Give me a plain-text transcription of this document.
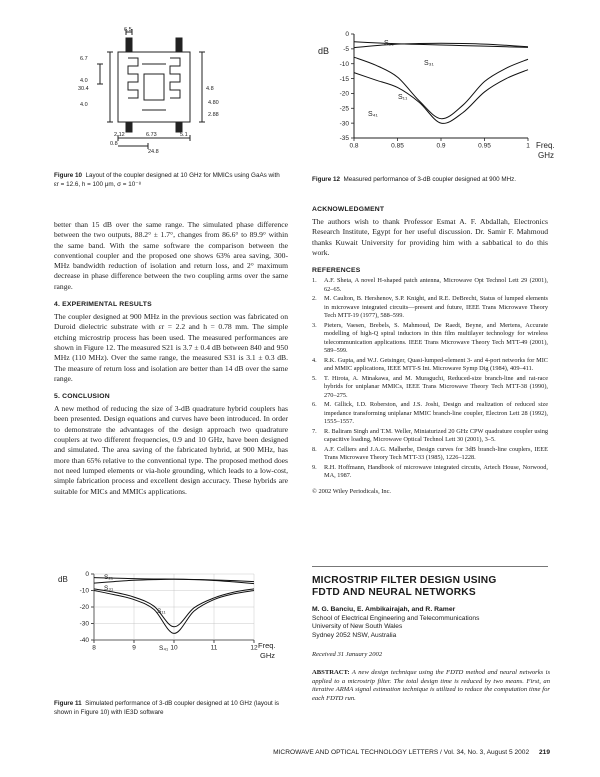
6.5
6.7
4.0
30.4
4.0
4.8
2.12	6.73	5.1
0.8
24.8
4.80
2.88

Figure 10 Layout of the coupler designed at 10 GHz for MMICs using GaAs with εr = 12.6, h = 100 μm, σ = 10⁻⁸

dB
0
-5
-10
-15
-20
-25
-30
-35
0.8	0.85	0.9	0.95	1 Freq.
GHz
S₂₁
S₃₁
S₁₁
S₄₁

Figure 12 Measured performance of 3-dB coupler designed at 900 MHz.

better than 15 dB over the same range. The simulated phase difference between the two outputs, 88.2° ± 1.7°, changes from 86.6° to 89.9° within the same band. With the same software the comparison between the conventional coupler and the proposed one shows 63% area saving, 300-MHz bandwidth reduction of isolation and return loss, and 2° maximum decrease in phase difference between the two coupling arms over the same range.

4. EXPERIMENTAL RESULTS

The coupler designed at 900 MHz in the previous section was fabricated on Duroid dielectric substrate with εr = 2.2 and h = 0.78 mm. The simple etching microstrip process has been used. The measured performances are shown in Figure 12. The measured S21 is 3.7 ± 0.4 dB between 840 and 950 MHz (110 MHz). Over the same range, the measured S31 is 3.1 ± 0.3 dB. The measure of return loss and isolation are better than 14 dB over the same range.

5. CONCLUSION

A new method of reducing the size of 3-dB quadrature hybrid couplers has been presented. Design equations and curves have been introduced. In order to demonstrate the advantages of the design approach two quadrature couplers at two different frequencies, 0.9 and 10 GHz, have been designed and simulated. The area saving of the fabricated hybrid, at 900 MHz, has more than 65% relative to the conventional type. The proposed method does not need lumped elements or via-hole grounding, which leads to a low-cost, simple fabrication process and excellent design accuracy. These hybrids are suitable for MICs and MMICs applications.

dB
0
-10
-20
-30
-40
8	9	10	11	12 Freq.
GHz
S₂₁
S₃₁
S₁₁
S₄₁

Figure 11 Simulated performance of 3-dB coupler designed at 10 GHz (layout is shown in Figure 10) with IE3D software

ACKNOWLEDGMENT

The authors wish to thank Professor Esmat A. F. Abdallah, Electronics Research Institute, Egypt for her useful discussion. Dr. Samir F. Mahmoud thanks Kuwait University for providing him with a sabbatical to do this work.

REFERENCES

1. A.F. Sheta, A novel H-shaped patch antenna, Microwave Opt Technol Lett 29 (2001), 62–65.
2. M. Caulton, B. Hershenov, S.P. Knight, and R.E. DeBrecht, Status of lumped elements in microwave integrated circuits—present and future, IEEE Trans Microwave Theory Tech MTT-19 (1977), 588–599.
3. Pieters, Vaesen, Brebels, S. Mahmoud, De Raedt, Beyne, and Mertens, Accurate modelling of high-Q spiral inductors in thin film multilayer technology for wireless telecommunication applications. IEEE Trans Microwave Theory Tech MTT-49 (2001), 589–599.
4. R.K. Gupta, and W.J. Getsinger, Quasi-lumped-element 3- and 4-port networks for MIC and MMIC applications, IEEE MTT-S Int. Microwave Symp Dig (1984), 409–411.
5. T. Hirota, A. Minakawa, and M. Muraguchi, Reduced-size branch-line and rat-race hybrids for uniplanar MMICs, IEEE Trans Microwave Theory Tech MTT-38 (1990), 270–275.
6. M. Gillick, I.D. Roberston, and J.S. Joshi, Design and realization of reduced size impedance transforming uniplanar MMIC branch-line coupler, Electron Lett 28 (1992), 1555–1557.
7. R. Baliram Singh and T.M. Weller, Miniaturized 20 GHz CPW quadrature coupler using capacitive loading, Microwave Optical Technol Lett 30 (2001), 3–5.
8. A.F. Celliers and J.A.G. Malherbe, Design curves for 3dB branch-line couplers, IEEE Trans Microwave Theory Tech MTT-33 (1985), 1226–1228.
9. R.H. Hoffmann, Handbook of microwave integrated circuits, Artech House, Norwood, MA, 1987.

© 2002 Wiley Periodicals, Inc.

MICROSTRIP FILTER DESIGN USING
FDTD AND NEURAL NETWORKS
M. G. Banciu, E. Ambikairajah, and R. Ramer
School of Electrical Engineering and Telecommunications
University of New South Wales
Sydney 2052 NSW, Australia
Received 31 January 2002

ABSTRACT: A new design technique using the FDTD method and neural networks is applied to a microstrip filter. The total design time is reduced by two means. First, an iterative ARMA signal estimation technique is utilized to reduce the computation time for each FDTD run.

MICROWAVE AND OPTICAL TECHNOLOGY LETTERS / Vol. 34, No. 3, August 5 2002 219
